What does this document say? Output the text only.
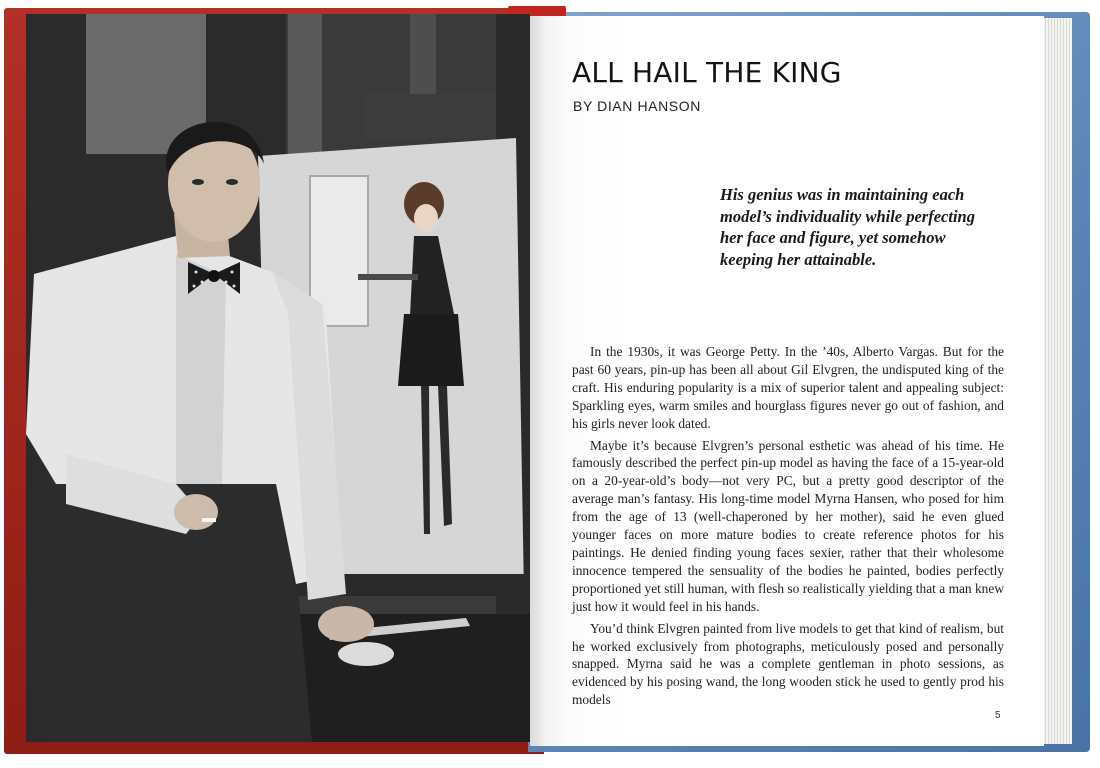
ALL HAIL THE KING
BY DIAN HANSON
His genius was in maintaining each
model’s individuality while perfecting
her face and figure, yet somehow
keeping her attainable.

In the 1930s, it was George Petty. In the ’40s, Alberto Vargas. But for the past 60 years, pin-up has been all about Gil Elvgren, the undisputed king of the craft. His enduring popularity is a mix of superior talent and appealing subject: Sparkling eyes, warm smiles and hourglass figures never go out of fashion, and his girls never look dated.

Maybe it’s because Elvgren’s personal esthetic was ahead of his time. He famously described the perfect pin-up model as having the face of a 15-year-old on a 20-year-old’s body—not very PC, but a pretty good descriptor of the average man’s fantasy. His long-time model Myrna Hansen, who posed for him from the age of 13 (well-chaperoned by her mother), said he even glued younger faces on more mature bodies to create reference photos for his paintings. He denied finding young faces sexier, rather that their wholesome innocence tempered the sensuality of the bodies he painted, bodies perfectly proportioned yet still human, with flesh so realistically yielding that a man knew just how it would feel in his hands.

You’d think Elvgren painted from live models to get that kind of realism, but he worked exclusively from photographs, meticulously posed and personally snapped. Myrna said he was a complete gentleman in photo sessions, as evidenced by his posing wand, the long wooden stick he used to gently prod his models

5
